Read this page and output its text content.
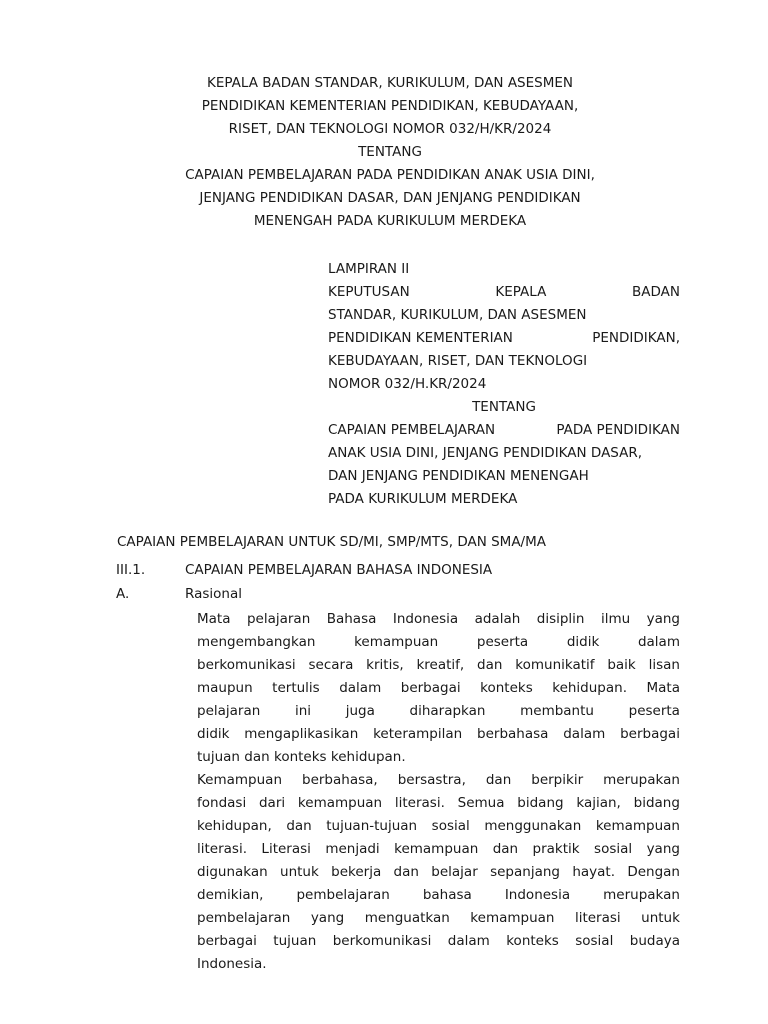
KEPALA BADAN STANDAR, KURIKULUM, DAN ASESMEN
PENDIDIKAN KEMENTERIAN PENDIDIKAN, KEBUDAYAAN,
RISET, DAN TEKNOLOGI NOMOR 032/H/KR/2024
TENTANG
CAPAIAN PEMBELAJARAN PADA PENDIDIKAN ANAK USIA DINI,
JENJANG PENDIDIKAN DASAR, DAN JENJANG PENDIDIKAN
MENENGAH PADA KURIKULUM MERDEKA
LAMPIRAN II
KEPUTUSAN	KEPALA	BADAN
STANDAR, KURIKULUM, DAN ASESMEN
PENDIDIKAN KEMENTERIAN	PENDIDIKAN,
KEBUDAYAAN, RISET, DAN TEKNOLOGI
NOMOR 032/H.KR/2024
TENTANG
CAPAIAN PEMBELAJARAN	PADA PENDIDIKAN
ANAK USIA DINI, JENJANG PENDIDIKAN DASAR,
DAN JENJANG PENDIDIKAN MENENGAH
PADA KURIKULUM MERDEKA
CAPAIAN PEMBELAJARAN UNTUK SD/MI, SMP/MTS, DAN SMA/MA
III.1.	CAPAIAN PEMBELAJARAN BAHASA INDONESIA
A.	Rasional
Mata pelajaran Bahasa Indonesia adalah disiplin ilmu yang
mengembangkan	kemampuan	peserta	didik	dalam
berkomunikasi secara kritis, kreatif, dan komunikatif baik lisan
maupun tertulis dalam berbagai konteks kehidupan. Mata
pelajaran	ini	juga	diharapkan	membantu	peserta
didik mengaplikasikan keterampilan berbahasa dalam berbagai
tujuan dan konteks kehidupan.
Kemampuan berbahasa, bersastra, dan berpikir merupakan
fondasi dari kemampuan literasi. Semua bidang kajian, bidang
kehidupan, dan tujuan-tujuan sosial menggunakan kemampuan
literasi. Literasi menjadi kemampuan dan praktik sosial yang
digunakan untuk bekerja dan belajar sepanjang hayat. Dengan
demikian, pembelajaran bahasa Indonesia merupakan
pembelajaran yang menguatkan kemampuan literasi untuk
berbagai tujuan berkomunikasi dalam konteks sosial budaya
Indonesia.
